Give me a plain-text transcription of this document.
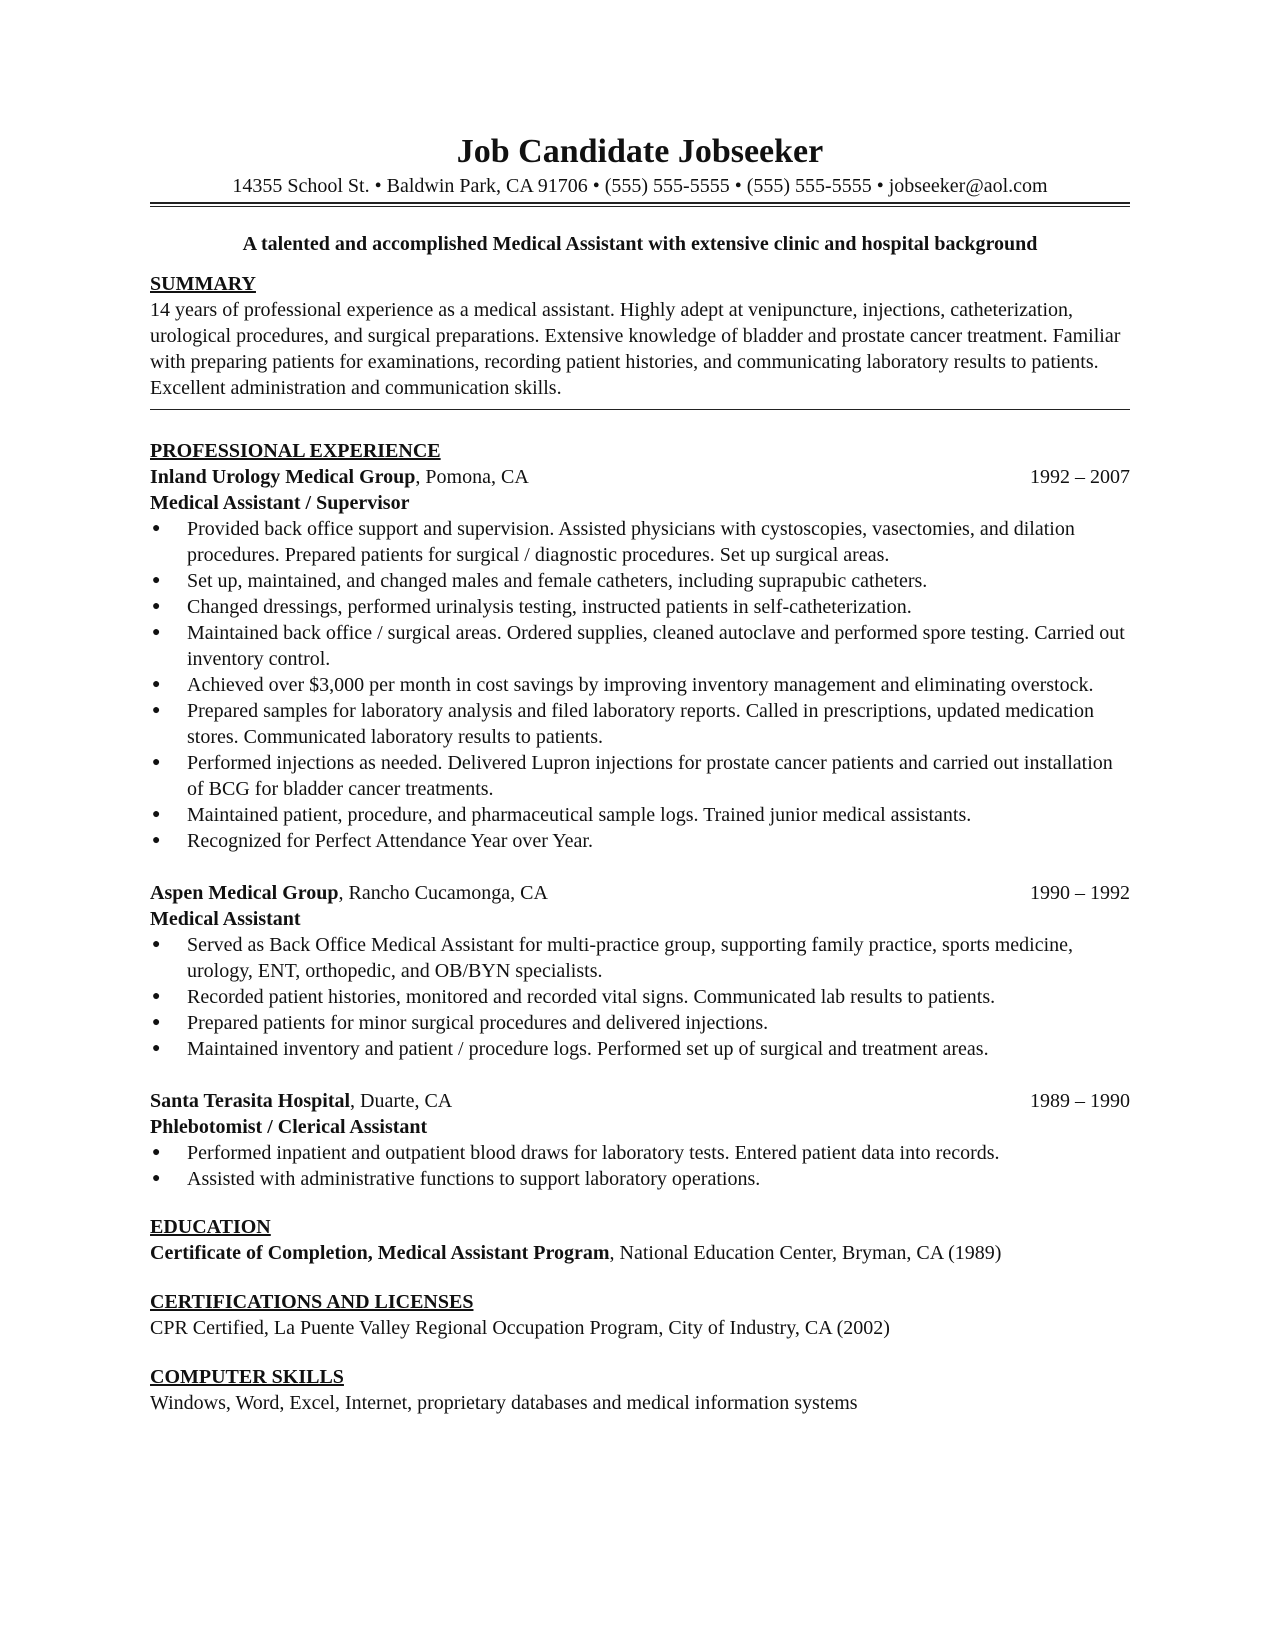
Job Candidate Jobseeker
14355 School St. • Baldwin Park, CA 91706 • (555) 555-5555 • (555) 555-5555 • jobseeker@aol.com
A talented and accomplished Medical Assistant with extensive clinic and hospital background
SUMMARY
14 years of professional experience as a medical assistant. Highly adept at venipuncture, injections, catheterization, urological procedures, and surgical preparations. Extensive knowledge of bladder and prostate cancer treatment. Familiar with preparing patients for examinations, recording patient histories, and communicating laboratory results to patients. Excellent administration and communication skills.
PROFESSIONAL EXPERIENCE
Inland Urology Medical Group, Pomona, CA	1992 – 2007
Medical Assistant / Supervisor
● Provided back office support and supervision. Assisted physicians with cystoscopies, vasectomies, and dilation procedures. Prepared patients for surgical / diagnostic procedures. Set up surgical areas.
● Set up, maintained, and changed males and female catheters, including suprapubic catheters.
● Changed dressings, performed urinalysis testing, instructed patients in self-catheterization.
● Maintained back office / surgical areas. Ordered supplies, cleaned autoclave and performed spore testing. Carried out inventory control.
● Achieved over $3,000 per month in cost savings by improving inventory management and eliminating overstock.
● Prepared samples for laboratory analysis and filed laboratory reports. Called in prescriptions, updated medication stores. Communicated laboratory results to patients.
● Performed injections as needed. Delivered Lupron injections for prostate cancer patients and carried out installation of BCG for bladder cancer treatments.
● Maintained patient, procedure, and pharmaceutical sample logs. Trained junior medical assistants.
● Recognized for Perfect Attendance Year over Year.
Aspen Medical Group, Rancho Cucamonga, CA	1990 – 1992
Medical Assistant
● Served as Back Office Medical Assistant for multi-practice group, supporting family practice, sports medicine, urology, ENT, orthopedic, and OB/BYN specialists.
● Recorded patient histories, monitored and recorded vital signs. Communicated lab results to patients.
● Prepared patients for minor surgical procedures and delivered injections.
● Maintained inventory and patient / procedure logs. Performed set up of surgical and treatment areas.
Santa Terasita Hospital, Duarte, CA	1989 – 1990
Phlebotomist / Clerical Assistant
● Performed inpatient and outpatient blood draws for laboratory tests. Entered patient data into records.
● Assisted with administrative functions to support laboratory operations.
EDUCATION
Certificate of Completion, Medical Assistant Program, National Education Center, Bryman, CA (1989)
CERTIFICATIONS AND LICENSES
CPR Certified, La Puente Valley Regional Occupation Program, City of Industry, CA (2002)
COMPUTER SKILLS
Windows, Word, Excel, Internet, proprietary databases and medical information systems
